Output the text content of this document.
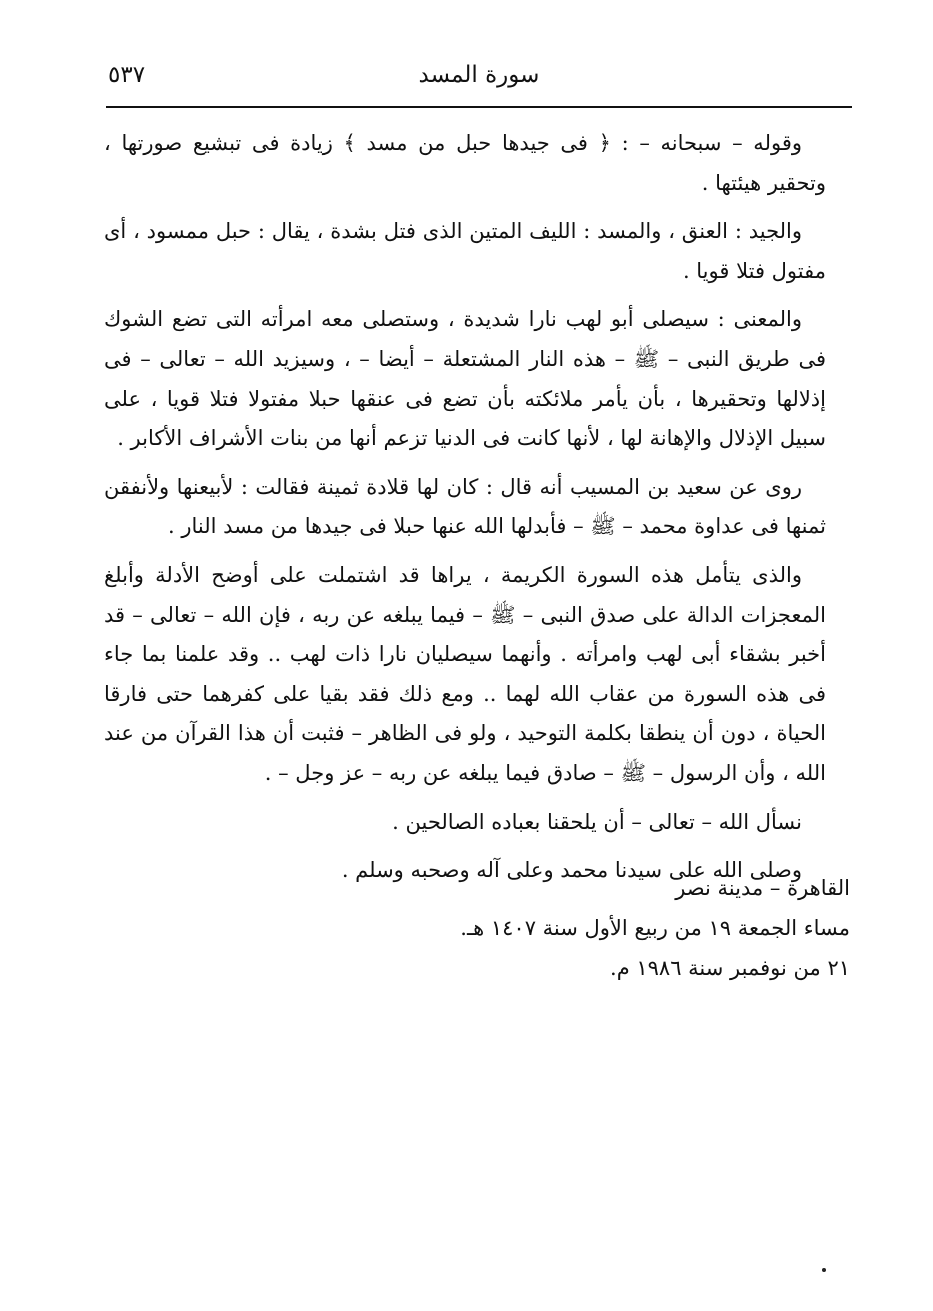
٥٣٧	سورة المسد

وقوله – سبحانه – : ﴿ فى جيدها حبل من مسد ﴾ زيادة فى تبشيع صورتها ، وتحقير هيئتها .

والجيد : العنق ، والمسد : الليف المتين الذى فتل بشدة ، يقال : حبل ممسود ، أى مفتول فتلا قويا .

والمعنى : سيصلى أبو لهب نارا شديدة ، وستصلى معه امرأته التى تضع الشوك فى طريق النبى – ﷺ – هذه النار المشتعلة – أيضا – ، وسيزيد الله – تعالى – فى إذلالها وتحقيرها ، بأن يأمر ملائكته بأن تضع فى عنقها حبلا مفتولا فتلا قويا ، على سبيل الإذلال والإهانة لها ، لأنها كانت فى الدنيا تزعم أنها من بنات الأشراف الأكابر .

روى عن سعيد بن المسيب أنه قال : كان لها قلادة ثمينة فقالت : لأبيعنها ولأنفقن ثمنها فى عداوة محمد – ﷺ – فأبدلها الله عنها حبلا فى جيدها من مسد النار .

والذى يتأمل هذه السورة الكريمة ، يراها قد اشتملت على أوضح الأدلة وأبلغ المعجزات الدالة على صدق النبى – ﷺ – فيما يبلغه عن ربه ، فإن الله – تعالى – قد أخبر بشقاء أبى لهب وامرأته . وأنهما سيصليان نارا ذات لهب .. وقد علمنا بما جاء فى هذه السورة من عقاب الله لهما .. ومع ذلك فقد بقيا على كفرهما حتى فارقا الحياة ، دون أن ينطقا بكلمة التوحيد ، ولو فى الظاهر – فثبت أن هذا القرآن من عند الله ، وأن الرسول – ﷺ – صادق فيما يبلغه عن ربه – عز وجل – .

نسأل الله – تعالى – أن يلحقنا بعباده الصالحين .

وصلى الله على سيدنا محمد وعلى آله وصحبه وسلم .

القاهرة – مدينة نصر
مساء الجمعة ١٩ من ربيع الأول سنة ١٤٠٧ هـ.
٢١ من نوفمبر سنة ١٩٨٦ م.
